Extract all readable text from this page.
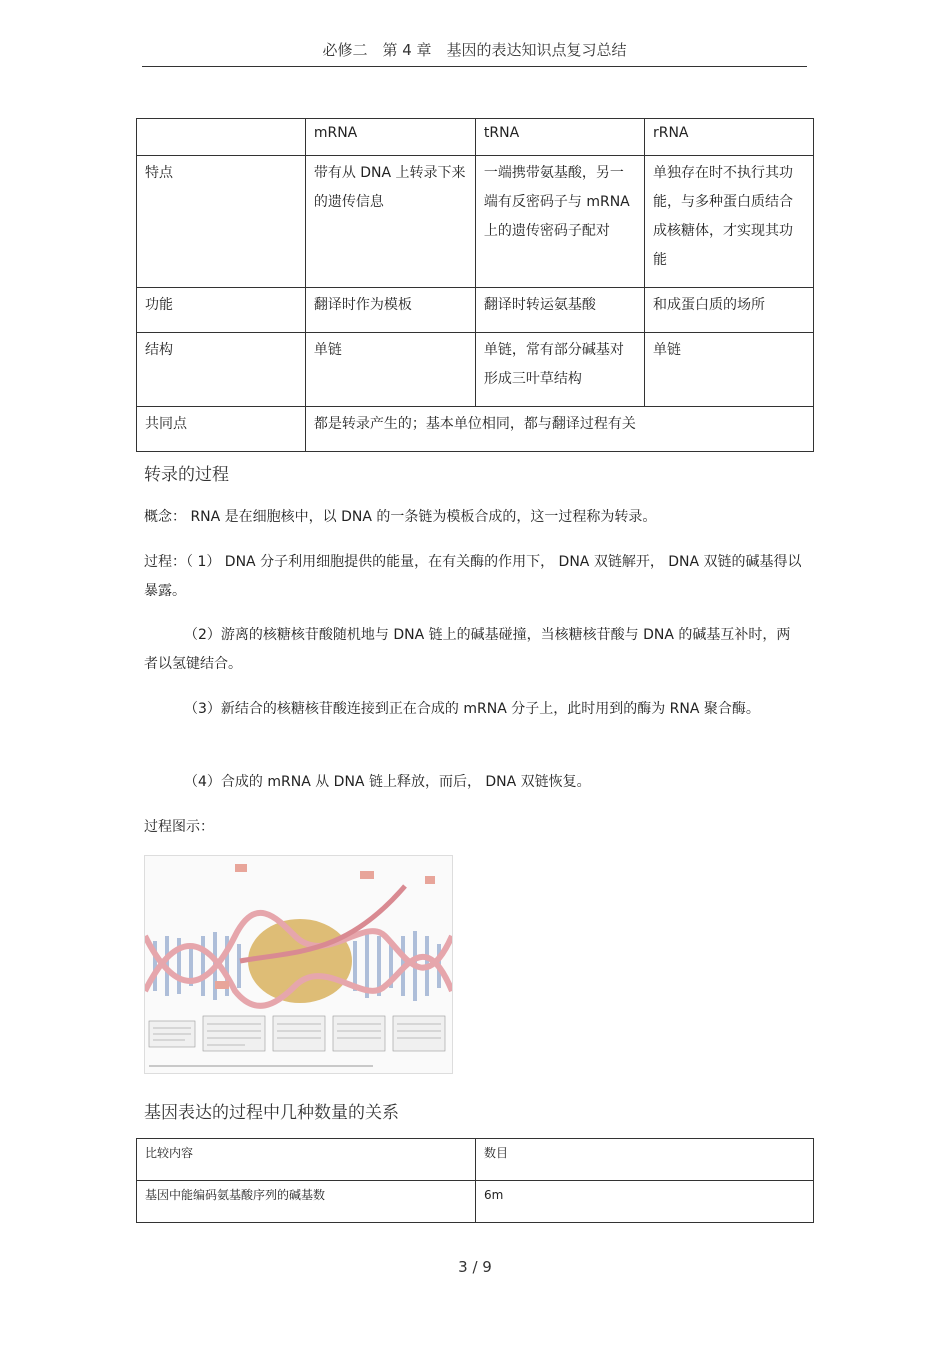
必修二　第 4 章　基因的表达知识点复习总结
	mRNA	tRNA	rRNA
特点	带有从 DNA 上转录下来的遗传信息	一端携带氨基酸，另一端有反密码子与 mRNA 上的遗传密码子配对	单独存在时不执行其功能，与多种蛋白质结合成核糖体，才实现其功能
功能	翻译时作为模板	翻译时转运氨基酸	和成蛋白质的场所
结构	单链	单链，常有部分碱基对形成三叶草结构	单链
共同点	都是转录产生的；基本单位相同，都与翻译过程有关		
转录的过程
概念： RNA 是在细胞核中，以 DNA 的一条链为模板合成的，这一过程称为转录。
过程：（ 1） DNA 分子利用细胞提供的能量，在有关酶的作用下， DNA 双链解开， DNA 双链的碱基得以暴露。
（2）游离的核糖核苷酸随机地与 DNA 链上的碱基碰撞，当核糖核苷酸与 DNA 的碱基互补时，两者以氢键结合。
（3）新结合的核糖核苷酸连接到正在合成的 mRNA 分子上，此时用到的酶为 RNA 聚合酶。
（4）合成的 mRNA 从 DNA 链上释放，而后， DNA 双链恢复。
过程图示：
基因表达的过程中几种数量的关系
比较内容	数目
基因中能编码氨基酸序列的碱基数	6m
3 / 9
